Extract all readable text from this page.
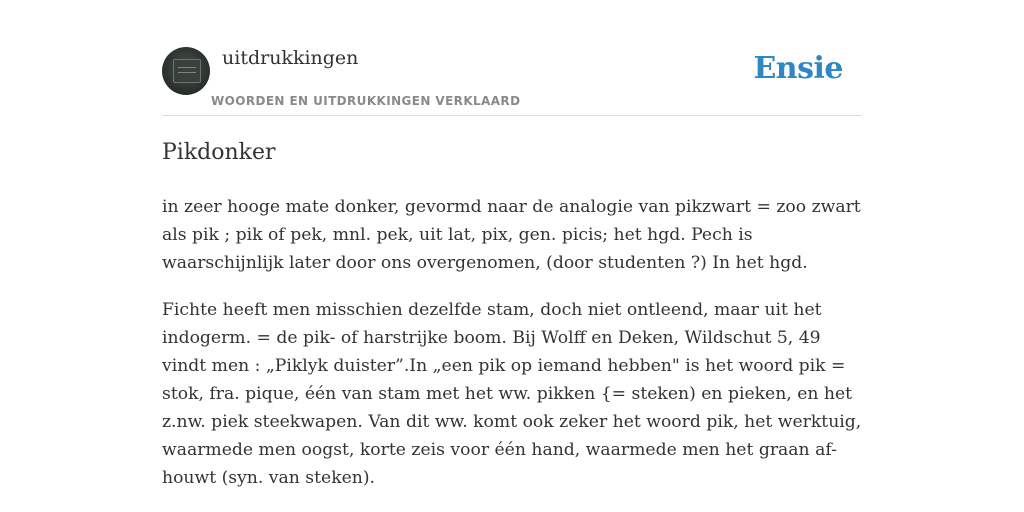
uitdrukkingen
WOORDEN EN UITDRUKKINGEN VERKLAARD
Ensie
Pikdonker

in zeer hooge mate donker, gevormd naar de analogie van pikzwart = zoo zwart als pik ; pik of pek, mnl. pek, uit lat, pix, gen. picis; het hgd. Pech is waarschijnlijk later door ons overgenomen, (door studenten ?) In het hgd.

Fichte heeft men misschien dezelfde stam, doch niet ontleend, maar uit het indogerm. = de pik- of harstrijke boom. Bij Wolff en Deken, Wildschut 5, 49 vindt men : „Piklyk duister”.In „een pik op iemand hebben" is het woord pik = stok, fra. pique, één van stam met het ww. pikken {= steken) en pieken, en het z.nw. piek steekwapen. Van dit ww. komt ook zeker het woord pik, het werktuig, waarmede men oogst, korte zeis voor één hand, waarmede men het graan af-houwt (syn. van steken).
